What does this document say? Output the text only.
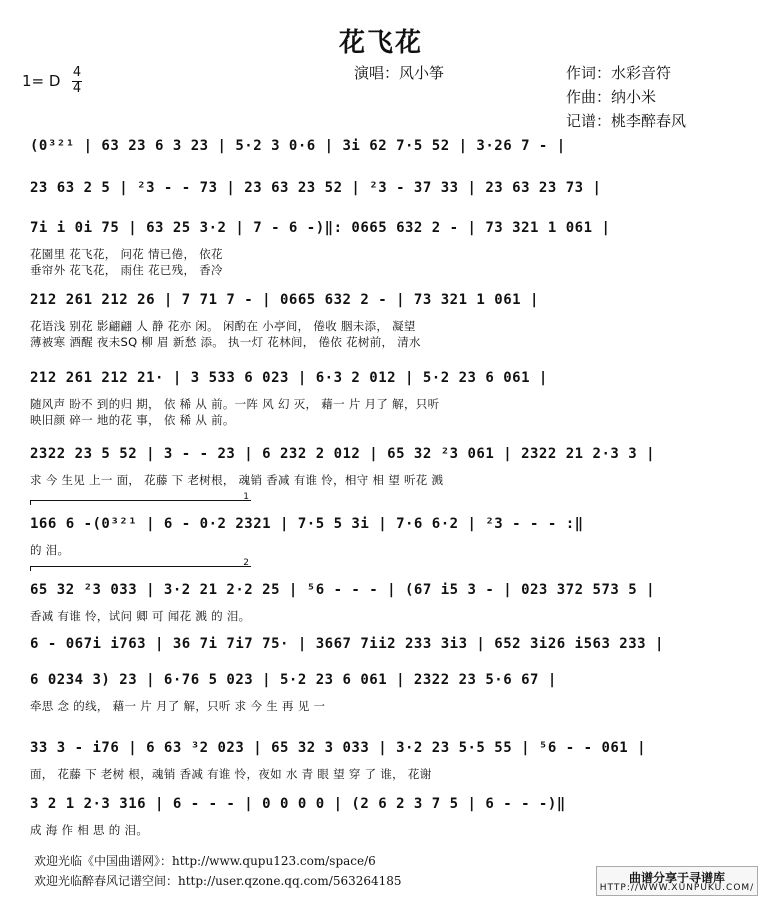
花飞花
演唱：风小筝	作词：水彩音符
作曲：纳小米
记谱：桃李醉春风
1= D 4
4
(0³²¹ | 63 23 6 3 23 | 5·2 3 0·6 | 3i 62 7·5 52 | 3·26 7 - |
23 63 2 5 | ²3 - - 73 | 23 63 23 52 | ²3 - 37 33 | 23 63 23 73 |
7i i 0i 75 | 63 25 3·2 | 7 - 6 -)‖: 0665 632 2 - | 73 321 1 061 |
花園里 花飞花， 问花 情已倦， 依花
垂帘外 花飞花， 雨住 花已残， 香冷
212 261 212 26 | 7 71 7 - | 0665 632 2 - | 73 321 1 061 |
花语浅 别花 影翩翩 人 静 花亦 闲。 闲酌在 小亭间， 倦收 胭未添， 凝望
薄被寒 酒醒 夜未SQ 柳 眉 新愁 添。 执一灯 花林间， 倦依 花树前， 清水
212 261 212 21· | 3 533 6 023 | 6·3 2 012 | 5·2 23 6 061 |
随风声 盼不 到的归 期， 依 稀 从 前。一阵 风 幻 灭， 藉一 片 月了 解，只听
映旧颜 碎一 地的花 事， 依 稀 从 前。
2322 23 5 52 | 3 - - 23 | 6 232 2 012 | 65 32 ²3 061 | 2322 21 2·3 3 |
求 今 生见 上一 面， 花藤 下 老树根， 魂销 香减 有谁 怜，相守 相 望 听花 溅
166 6 -(0³²¹ | 6 - 0·2 2321 | 7·5 5 3i | 7·6 6·2 | ²3 - - - :‖
的 泪。
65 32 ²3 033 | 3·2 21 2·2 25 | ⁵6 - - - | (67 i5 3 - | 023 372 573 5 |
香减 有谁 怜，试问 卿 可 闻花 溅 的 泪。
6 - 067i i763 | 36 7i 7i7 75· | 3667 7ii2 233 3i3 | 652 3i26 i563 233 |
6 0234 3) 23 | 6·76 5 023 | 5·2 23 6 061 | 2322 23 5·6 67 |
牵思 念 的线， 藉一 片 月了 解，只听 求 今 生 再 见 一
33 3 - i76 | 6 63 ³2 023 | 65 32 3 033 | 3·2 23 5·5 55 | ⁵6 - - 061 |
面， 花藤 下 老树 根，魂销 香减 有谁 怜，夜如 水 青 眼 望 穿 了 谁， 花谢
3 2 1 2·3 316 | 6 - - - | 0 0 0 0 | (2 6 2 3 7 5 | 6 - - -)‖
成 海 作 相 思 的 泪。
1
2
欢迎光临《中国曲谱网》：http://www.qupu123.com/space/6
欢迎光临醉春风记谱空间：http://user.qzone.qq.com/563264185	曲谱分享于寻谱库
HTTP://WWW.XUNPUKU.COM/
